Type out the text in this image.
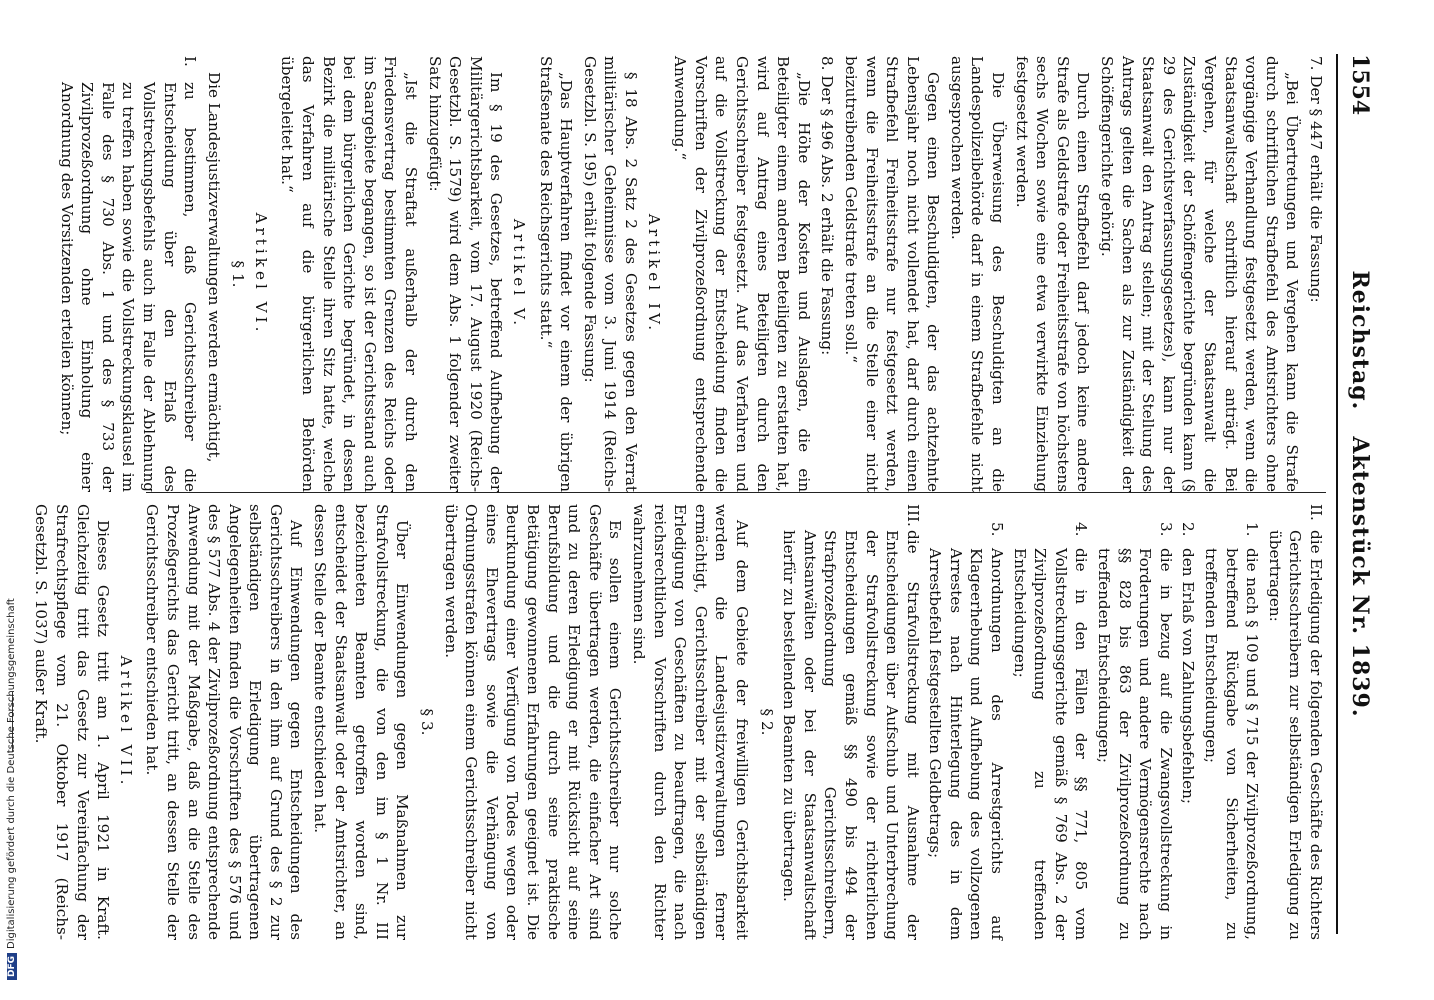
1554
Reichstag.   Aktenstück Nr. 1839.

7. Der § 447 erhält die Fassung:

„Bei Übertretungen und Vergehen kann die Strafe durch schriftlichen Strafbefehl des Amtsrichters ohne vorgängige Verhandlung festgesetzt werden, wenn die Staatsanwaltschaft schriftlich hierauf anträgt. Bei Vergehen, für welche der Staatsanwalt die Zuständigkeit der Schöffengerichte begründen kann (§ 29 des Gerichtsverfassungsgesetzes), kann nur der Staatsanwalt den Antrag stellen; mit der Stellung des Antrags gelten die Sachen als zur Zuständigkeit der Schöffengerichte gehörig.

Durch einen Strafbefehl darf jedoch keine andere Strafe als Geldstrafe oder Freiheitsstrafe von höchstens sechs Wochen sowie eine etwa verwirkte Einziehung festgesetzt werden.

Die Überweisung des Beschuldigten an die Landespolizeibehörde darf in einem Strafbefehle nicht ausgesprochen werden.

Gegen einen Beschuldigten, der das achtzehnte Lebensjahr noch nicht vollendet hat, darf durch einen Strafbefehl Freiheitsstrafe nur festgesetzt werden, wenn die Freiheitsstrafe an die Stelle einer nicht beizutreibenden Geldstrafe treten soll.“

8. Der § 496 Abs. 2 erhält die Fassung:

„Die Höhe der Kosten und Auslagen, die ein Beteiligter einem anderen Beteiligten zu erstatten hat, wird auf Antrag eines Beteiligten durch den Gerichtsschreiber festgesetzt. Auf das Verfahren und auf die Vollstreckung der Entscheidung finden die Vorschriften der Zivilprozeßordnung entsprechende Anwendung.“

Artikel IV.

§ 18 Abs. 2 Satz 2 des Gesetzes gegen den Verrat militärischer Geheimnisse vom 3. Juni 1914 (Reichs-Gesetzbl. S. 195) erhält folgende Fassung:

„Das Hauptverfahren findet vor einem der übrigen Strafsenate des Reichsgerichts statt.“

Artikel V.

Im § 19 des Gesetzes, betreffend Aufhebung der Militärgerichtsbarkeit, vom 17. August 1920 (Reichs-Gesetzbl. S. 1579) wird dem Abs. 1 folgender zweiter Satz hinzugefügt:

„Ist die Straftat außerhalb der durch den Friedensvertrag bestimmten Grenzen des Reichs oder im Saargebiete begangen, so ist der Gerichtsstand auch bei dem bürgerlichen Gerichte begründet, in dessen Bezirk die militärische Stelle ihren Sitz hatte, welche das Verfahren auf die bürgerlichen Behörden übergeleitet hat.“

Artikel VI.

§ 1.

Die Landesjustizverwaltungen werden ermächtigt,

I.
zu bestimmen, daß Gerichtsschreiber die Entscheidung über den Erlaß des Vollstreckungsbefehls auch im Falle der Ablehnung zu treffen haben sowie die Vollstreckungsklausel im Falle des § 730 Abs. 1 und des § 733 der Zivilprozeßordnung ohne Einholung einer Anordnung des Vorsitzenden erteilen können;
II.
die Erledigung der folgenden Geschäfte des Richters Gerichtsschreibern zur selbständigen Erledigung zu übertragen:
1.
die nach § 109 und § 715 der Zivilprozeßordnung, betreffend Rückgabe von Sicherheiten, zu treffenden Entscheidungen;
2.
den Erlaß von Zahlungsbefehlen;
3.
die in bezug auf die Zwangsvollstreckung in Forderungen und andere Vermögensrechte nach §§ 828 bis 863 der Zivilprozeßordnung zu treffenden Entscheidungen;
4.
die in den Fällen der §§ 771, 805 vom Vollstreckungsgerichte gemäß § 769 Abs. 2 der Zivilprozeßordnung zu treffenden Entscheidungen;
5.
Anordnungen des Arrestgerichts auf Klageerhebung und Aufhebung des vollzogenen Arrestes nach Hinterlegung des in dem Arrestbefehl festgestellten Geldbetrags;
III.
die Strafvollstreckung mit Ausnahme der Entscheidungen über Aufschub und Unterbrechung der Strafvollstreckung sowie der richterlichen Entscheidungen gemäß §§ 490 bis 494 der Strafprozeßordnung Gerichtsschreibern, Amtsanwälten oder bei der Staatsanwaltschaft hierfür zu bestellenden Beamten zu übertragen.

§ 2.

Auf dem Gebiete der freiwilligen Gerichtsbarkeit werden die Landesjustizverwaltungen ferner ermächtigt, Gerichtsschreiber mit der selbständigen Erledigung von Geschäften zu beauftragen, die nach reichsrechtlichen Vorschriften durch den Richter wahrzunehmen sind.

Es sollen einem Gerichtsschreiber nur solche Geschäfte übertragen werden, die einfacher Art sind und zu deren Erledigung er mit Rücksicht auf seine Berufsbildung und die durch seine praktische Betätigung gewonnenen Erfahrungen geeignet ist. Die Beurkundung einer Verfügung von Todes wegen oder eines Ehevertrags sowie die Verhängung von Ordnungsstrafen können einem Gerichtsschreiber nicht übertragen werden.

§ 3.

Über Einwendungen gegen Maßnahmen zur Strafvollstreckung, die von den im § 1 Nr. III bezeichneten Beamten getroffen worden sind, entscheidet der Staatsanwalt oder der Amtsrichter, an dessen Stelle der Beamte entschieden hat.

Auf Einwendungen gegen Entscheidungen des Gerichtsschreibers in den ihm auf Grund des § 2 zur selbständigen Erledigung übertragenen Angelegenheiten finden die Vorschriften des § 576 und des § 577 Abs. 4 der Zivilprozeßordnung entsprechende Anwendung mit der Maßgabe, daß an die Stelle des Prozeßgerichts das Gericht tritt, an dessen Stelle der Gerichtsschreiber entschieden hat.

Artikel VII.

Dieses Gesetz tritt am 1. April 1921 in Kraft. Gleichzeitig tritt das Gesetz zur Vereinfachung der Strafrechtspflege vom 21. Oktober 1917 (Reichs-Gesetzbl. S. 1037) außer Kraft.

DFGDigitalisierung gefördert durch die Deutsche Forschungsgemeinschaft
